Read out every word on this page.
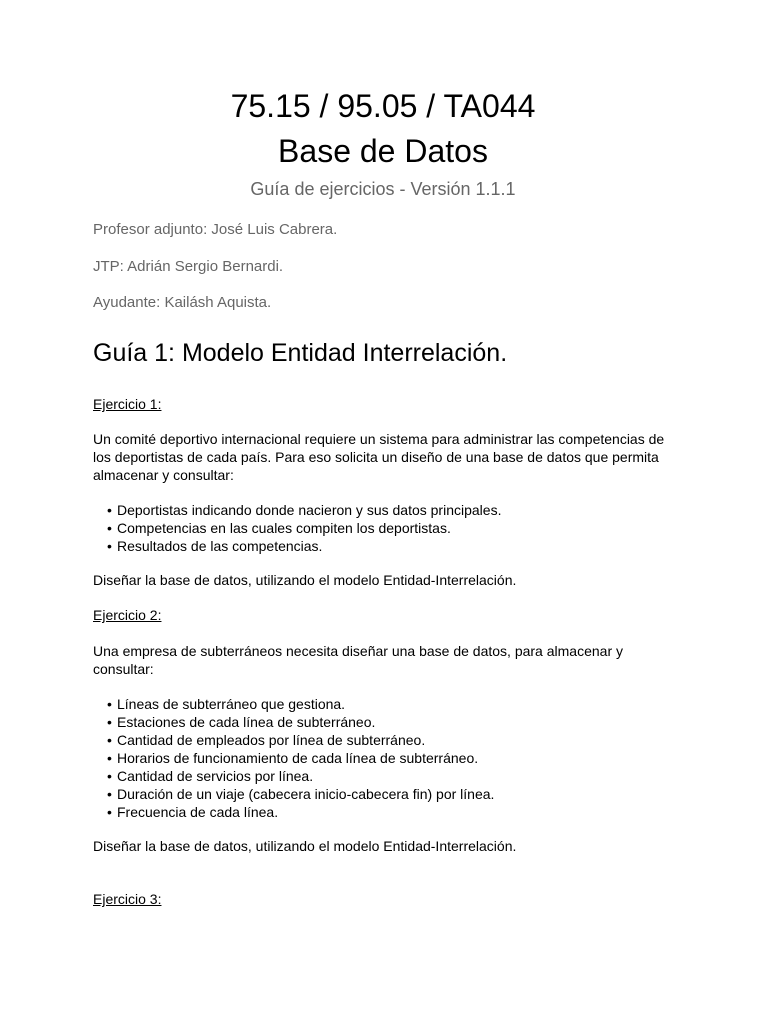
75.15 / 95.05 / TA044
Base de Datos
Guía de ejercicios - Versión 1.1.1
Profesor adjunto: José Luis Cabrera.
JTP: Adrián Sergio Bernardi.
Ayudante: Kailásh Aquista.
Guía 1: Modelo Entidad Interrelación.
Ejercicio 1:
Un comité deportivo internacional requiere un sistema para administrar las competencias de los deportistas de cada país. Para eso solicita un diseño de una base de datos que permita almacenar y consultar:
• Deportistas indicando donde nacieron y sus datos principales.
• Competencias en las cuales compiten los deportistas.
• Resultados de las competencias.
Diseñar la base de datos, utilizando el modelo Entidad-Interrelación.
Ejercicio 2:
Una empresa de subterráneos necesita diseñar una base de datos, para almacenar y consultar:
• Líneas de subterráneo que gestiona.
• Estaciones de cada línea de subterráneo.
• Cantidad de empleados por línea de subterráneo.
• Horarios de funcionamiento de cada línea de subterráneo.
• Cantidad de servicios por línea.
• Duración de un viaje (cabecera inicio-cabecera fin) por línea.
• Frecuencia de cada línea.
Diseñar la base de datos, utilizando el modelo Entidad-Interrelación.
Ejercicio 3:
